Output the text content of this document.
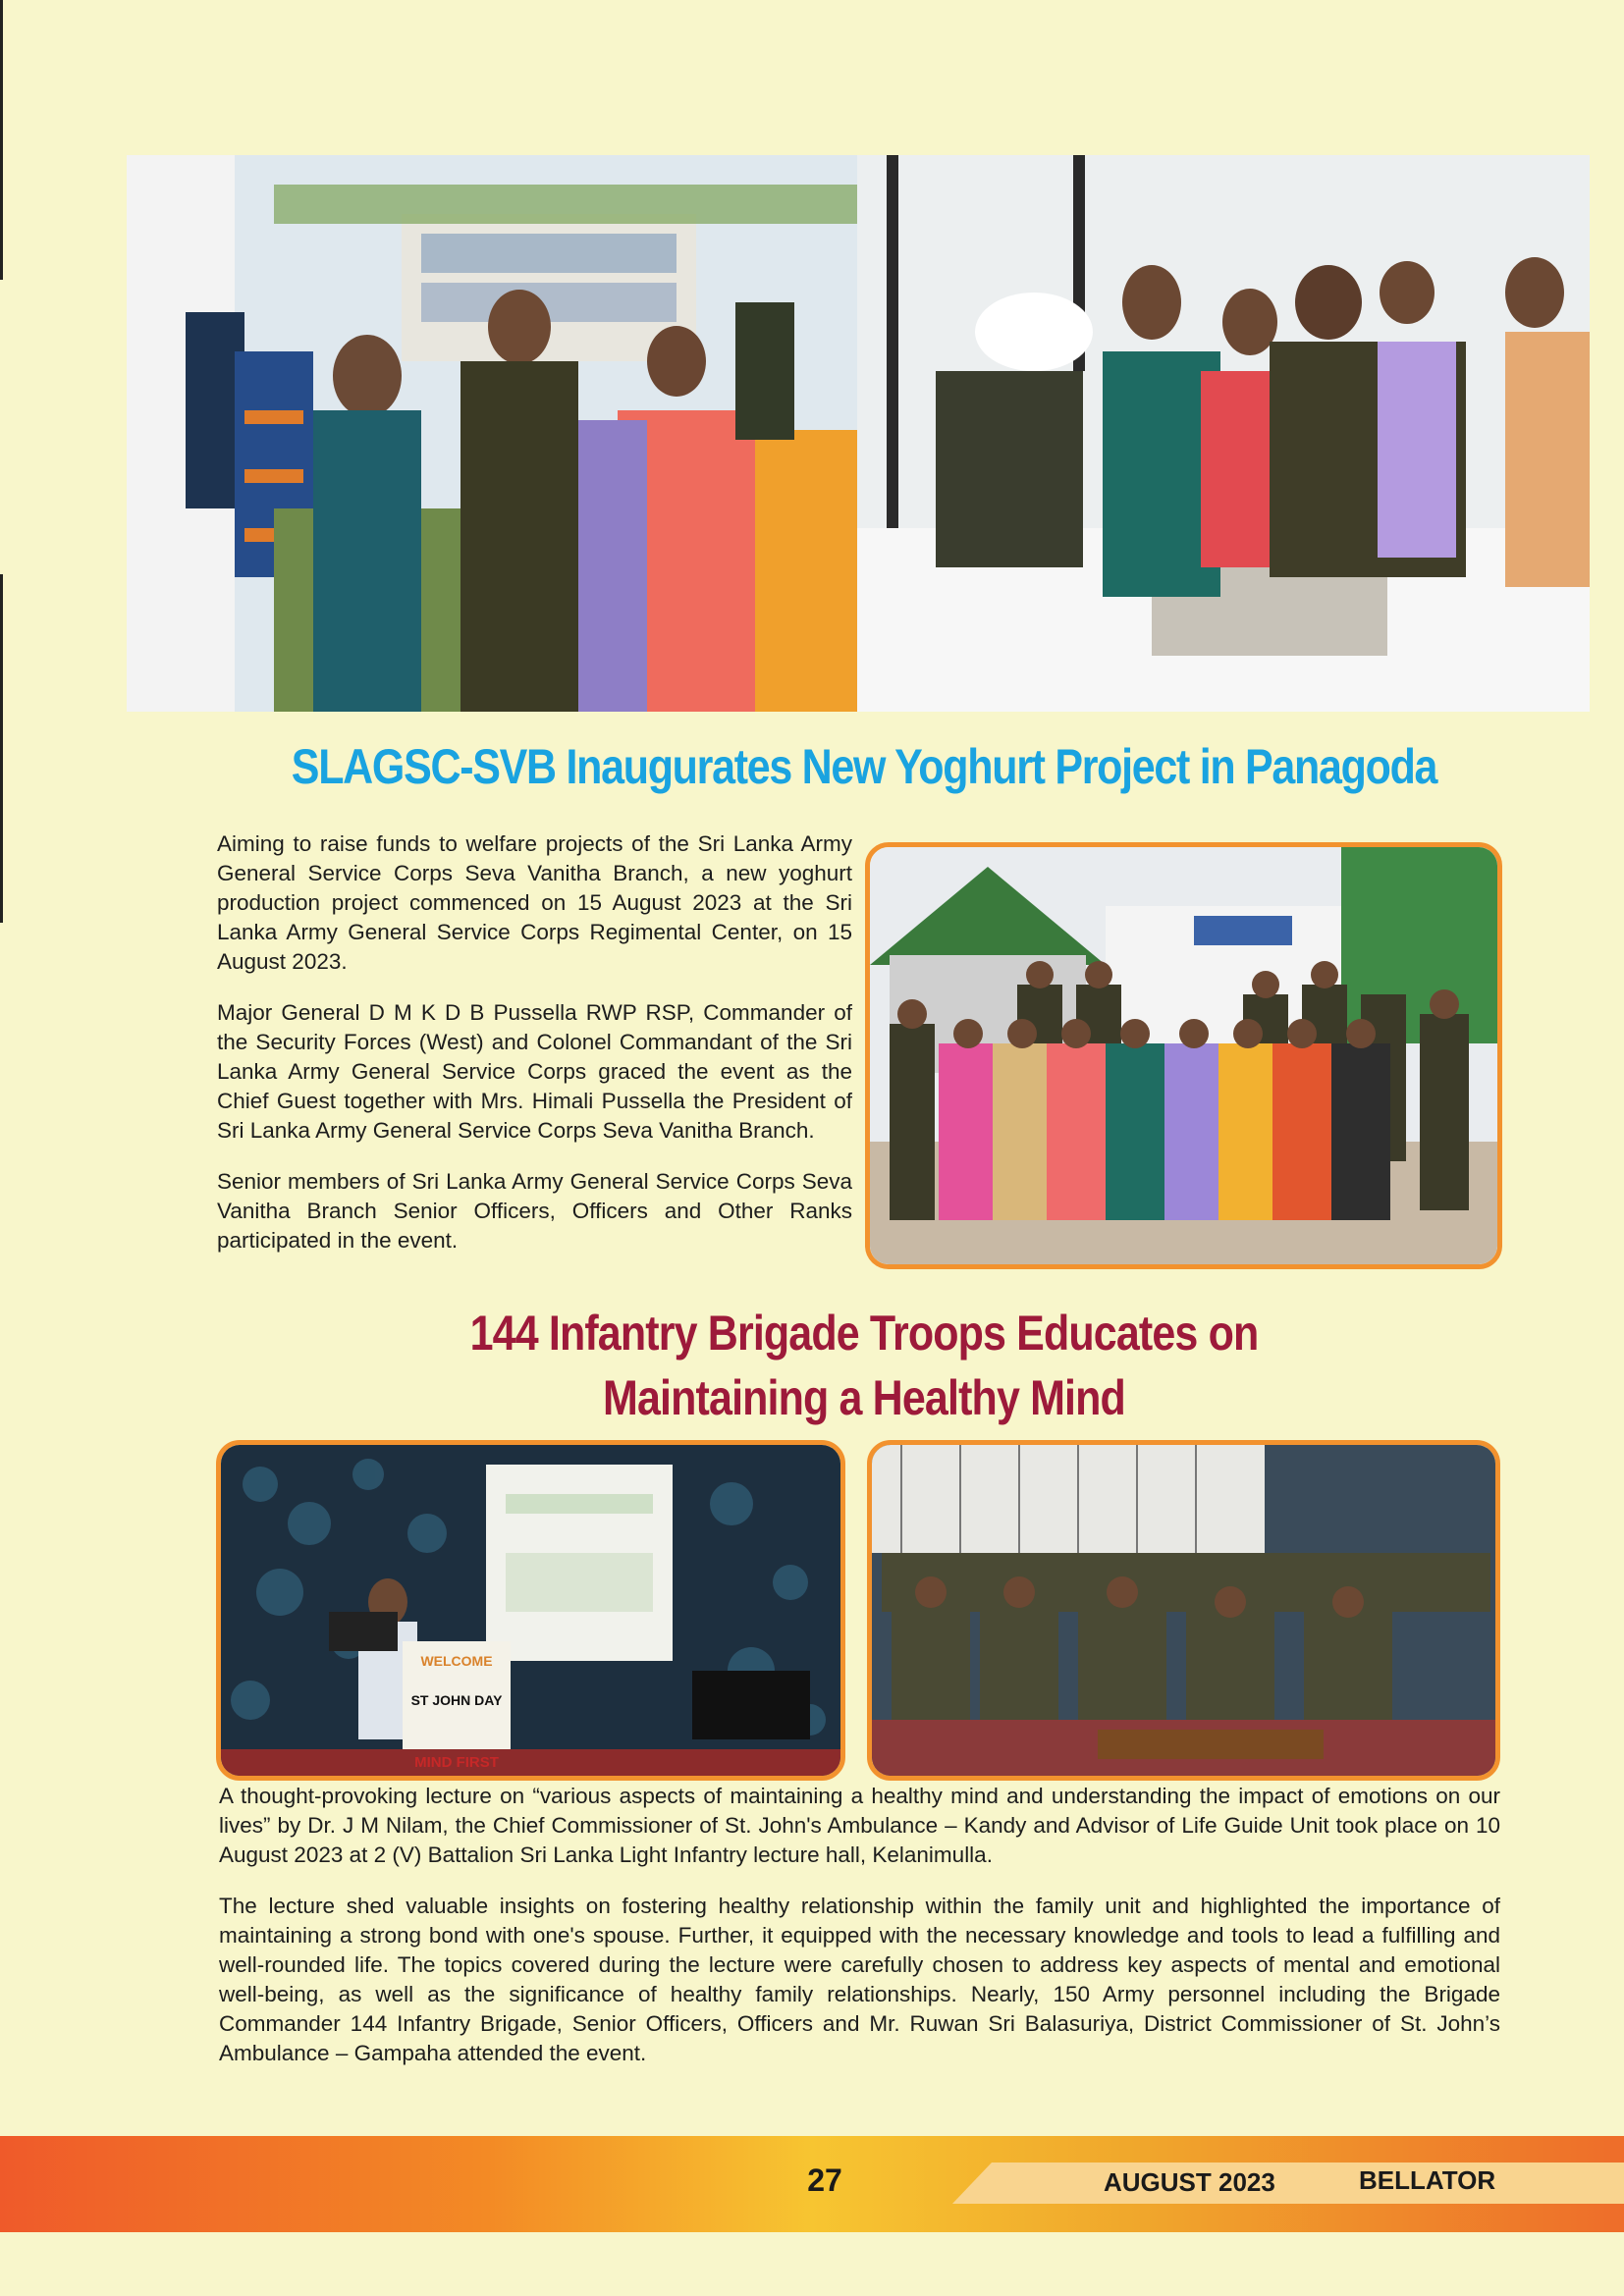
SLAGSC-SVB Inaugurates New Yoghurt Project in Panagoda

Aiming to raise funds to welfare projects of the Sri Lanka Army General Service Corps Seva Vanitha Branch, a new yoghurt production project commenced on 15 August 2023 at the Sri Lanka Army General Service Corps Regimental Center, on 15 August 2023.

Major General D M K D B Pussella RWP RSP, Commander of the Security Forces (West) and Colonel Commandant of the Sri Lanka Army General Service Corps graced the event as the Chief Guest together with Mrs. Himali Pussella the President of Sri Lanka Army General Service Corps Seva Vanitha Branch.

Senior members of Sri Lanka Army General Service Corps Seva Vanitha Branch Senior Officers, Officers and Other Ranks participated in the event.

144 Infantry Brigade Troops Educates on
Maintaining a Healthy Mind
WELCOME
ST JOHN DAY
MIND FIRST

A thought-provoking lecture on “various aspects of maintaining a healthy mind and understanding the impact of emotions on our lives” by Dr. J M Nilam, the Chief Commissioner of St. John's Ambulance – Kandy and Advisor of Life Guide Unit took place on 10 August 2023 at 2 (V) Battalion Sri Lanka Light Infantry lecture hall, Kelanimulla.

The lecture shed valuable insights on fostering healthy relationship within the family unit and highlighted the importance of maintaining a strong bond with one's spouse. Further, it equipped with the necessary knowledge and tools to lead a fulfilling and well-rounded life. The topics covered during the lecture were carefully chosen to address key aspects of mental and emotional well-being, as well as the significance of healthy family relationships. Nearly, 150 Army personnel including the Brigade Commander 144 Infantry Brigade, Senior Officers, Officers and Mr. Ruwan Sri Balasuriya, District Commissioner of St. John’s Ambulance – Gampaha attended the event.

27	AUGUST 2023	BELLATOR
